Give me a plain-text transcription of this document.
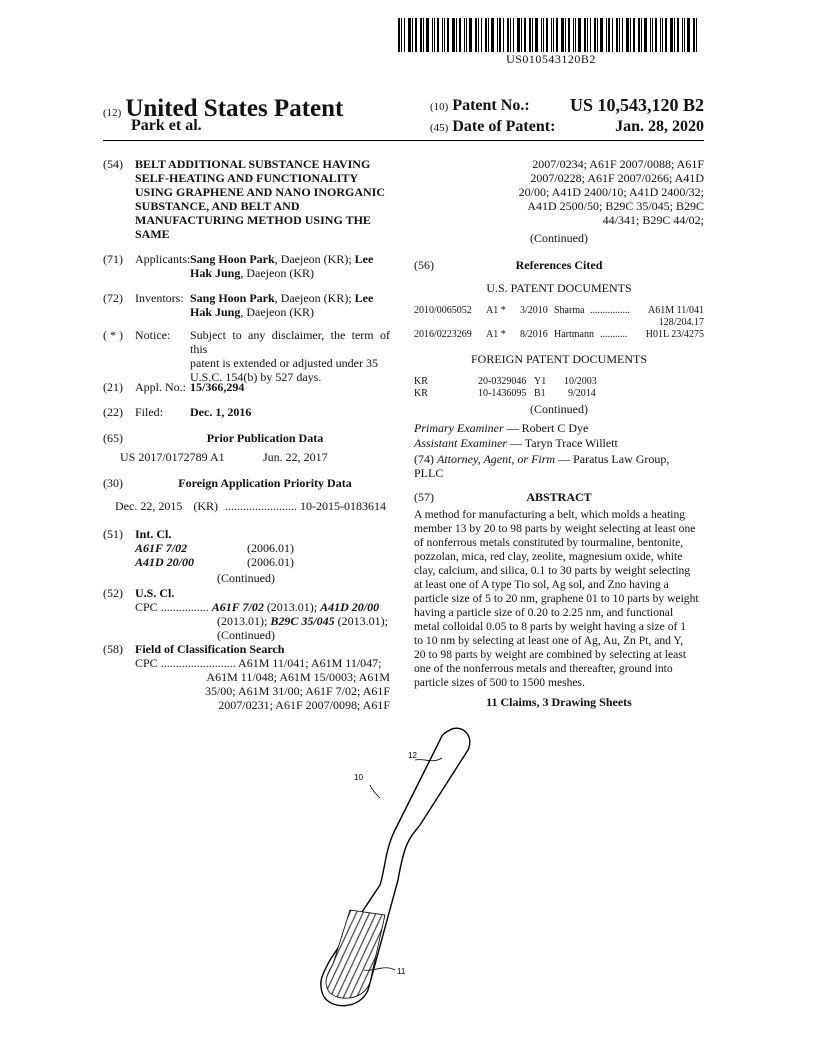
US010543120B2
(12) United States Patent
Park et al.
(10) Patent No.: US 10,543,120 B2
(45) Date of Patent:	Jan. 28, 2020
(54) BELT ADDITIONAL SUBSTANCE HAVING
SELF-HEATING AND FUNCTIONALITY
USING GRAPHENE AND NANO INORGANIC
SUBSTANCE, AND BELT AND
MANUFACTURING METHOD USING THE
SAME
(71) Applicants: Sang Hoon Park, Daejeon (KR); Lee
Hak Jung, Daejeon (KR)
(72) Inventors: Sang Hoon Park, Daejeon (KR); Lee
Hak Jung, Daejeon (KR)
( * ) Notice: Subject to any disclaimer, the term of this
patent is extended or adjusted under 35
U.S.C. 154(b) by 527 days.
(21) Appl. No.: 15/366,294
(22) Filed: Dec. 1, 2016
(65)	Prior Publication Data
US 2017/0172789 A1	Jun. 22, 2017
(30)	Foreign Application Priority Data
Dec. 22, 2015 (KR) ........................ 10-2015-0183614
(51) Int. Cl.
A61F 7/02	(2006.01)
A41D 20/00	(2006.01)
(Continued)
(52) U.S. Cl.
CPC ................ A61F 7/02 (2013.01); A41D 20/00
(2013.01); B29C 35/045 (2013.01);
(Continued)
(58) Field of Classification Search
CPC ......................... A61M 11/041; A61M 11/047;
A61M 11/048; A61M 15/0003; A61M
35/00; A61M 31/00; A61F 7/02; A61F
2007/0231; A61F 2007/0098; A61F
2007/0234; A61F 2007/0088; A61F
2007/0228; A61F 2007/0266; A41D
20/00; A41D 2400/10; A41D 2400/32;
A41D 2500/50; B29C 35/045; B29C
44/341; B29C 44/02;
(Continued)
(56)	References Cited
U.S. PATENT DOCUMENTS
2010/0065052 A1 * 3/2010 Sharma ................ A61M 11/041
128/204.17
2016/0223269 A1 * 8/2016 Hartmann ........... H01L 23/4275
FOREIGN PATENT DOCUMENTS
KR	20-0329046 Y1 10/2003
KR	10-1436095 B1 9/2014
(Continued)
Primary Examiner — Robert C Dye
Assistant Examiner — Taryn Trace Willett
(74) Attorney, Agent, or Firm — Paratus Law Group,
PLLC
(57)	ABSTRACT
A method for manufacturing a belt, which molds a heating
member 13 by 20 to 98 parts by weight selecting at least one
of nonferrous metals constituted by tourmaline, bentonite,
pozzolan, mica, red clay, zeolite, magnesium oxide, white
clay, calcium, and silica, 0.1 to 30 parts by weight selecting
at least one of A type Tio sol, Ag sol, and Zno having a
particle size of 5 to 20 nm, graphene 01 to 10 parts by weight
having a particle size of 0.20 to 2.25 nm, and functional
metal colloidal 0.05 to 8 parts by weight having a size of 1
to 10 nm by selecting at least one of Ag, Au, Zn Pt, and Y,
20 to 98 parts by weight are combined by selecting at least
one of the nonferrous metals and thereafter, ground into
particle sizes of 500 to 1500 meshes.
11 Claims, 3 Drawing Sheets
12
10
11
